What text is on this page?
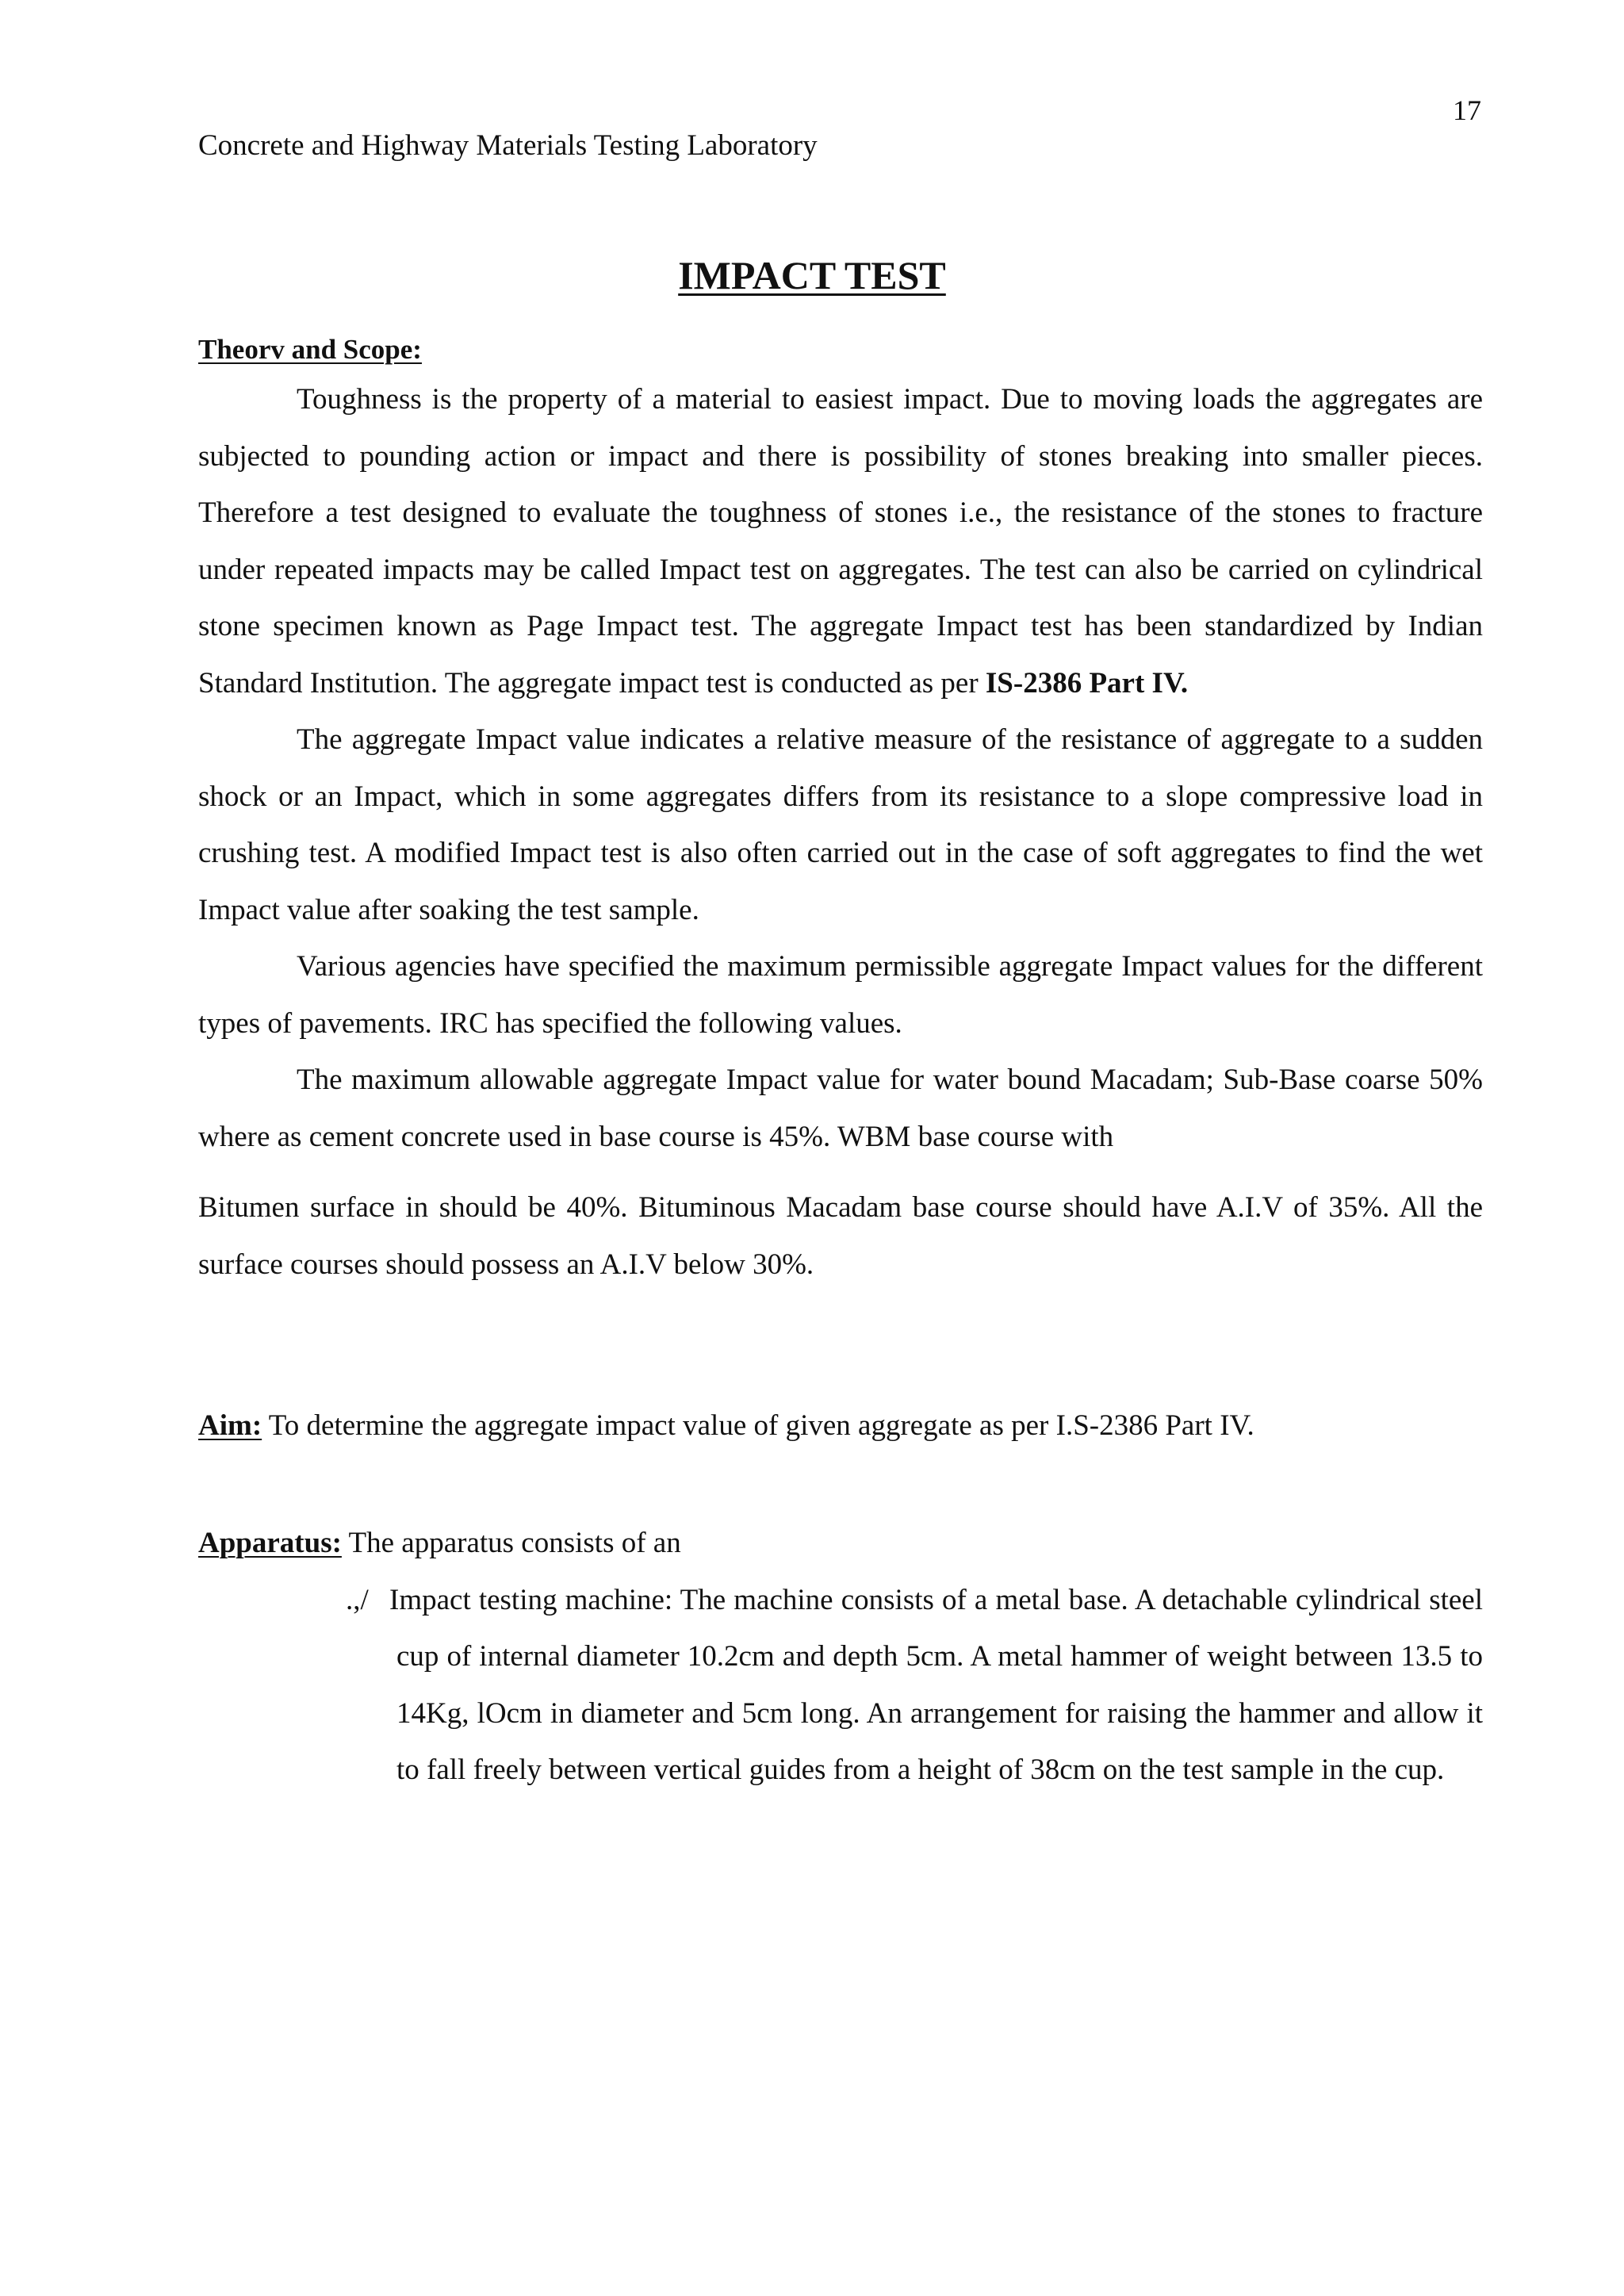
17
Concrete and Highway Materials Testing Laboratory
IMPACT TEST
Theorv and Scope:

Toughness is the property of a material to easiest impact. Due to moving loads the aggregates are subjected to pounding action or impact and there is possibility of stones breaking into smaller pieces. Therefore a test designed to evaluate the toughness of stones i.e., the resistance of the stones to fracture under repeated impacts may be called Impact test on aggregates. The test can also be carried on cylindrical stone specimen known as Page Impact test. The aggregate Impact test has been standardized by Indian Standard Institution. The aggregate impact test is conducted as per IS-2386 Part IV.

The aggregate Impact value indicates a relative measure of the resistance of aggregate to a sudden shock or an Impact, which in some aggregates differs from its resistance to a slope compressive load in crushing test. A modified Impact test is also often carried out in the case of soft aggregates to find the wet Impact value after soaking the test sample.

Various agencies have specified the maximum permissible aggregate Impact values for the different types of pavements. IRC has specified the following values.

The maximum allowable aggregate Impact value for water bound Macadam; Sub-Base coarse 50% where as cement concrete used in base course is 45%. WBM base course with

Bitumen surface in should be 40%. Bituminous Macadam base course should have A.I.V of 35%. All the surface courses should possess an A.I.V below 30%.

Aim: To determine the aggregate impact value of given aggregate as per I.S-2386 Part IV.
Apparatus: The apparatus consists of an

.,/ Impact testing machine: The machine consists of a metal base. A detachable cylindrical steel cup of internal diameter 10.2cm and depth 5cm. A metal hammer of weight between 13.5 to 14Kg, lOcm in diameter and 5cm long. An arrangement for raising the hammer and allow it to fall freely between vertical guides from a height of 38cm on the test sample in the cup.
